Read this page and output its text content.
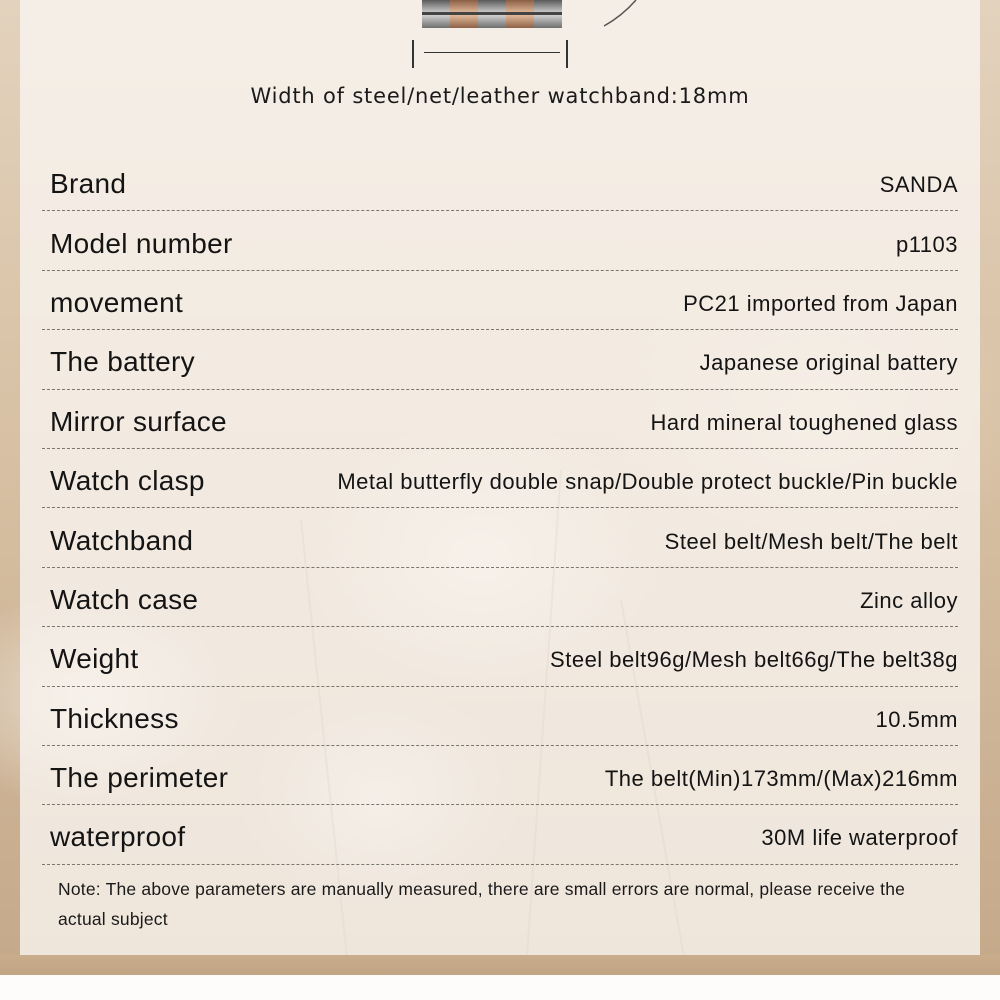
Width of steel/net/leather watchband:18mm
Brand	SANDA
Model number	p1103
movement	PC21 imported from Japan
The battery	Japanese original battery
Mirror surface	Hard mineral toughened glass
Watch clasp	Metal butterfly double snap/Double protect buckle/Pin buckle
Watchband	Steel belt/Mesh belt/The belt
Watch case	Zinc alloy
Weight	Steel belt96g/Mesh belt66g/The belt38g
Thickness	10.5mm
The perimeter	The belt(Min)173mm/(Max)216mm
waterproof	30M life waterproof
Note: The above parameters are manually measured, there are small errors are normal, please receive the actual subject
